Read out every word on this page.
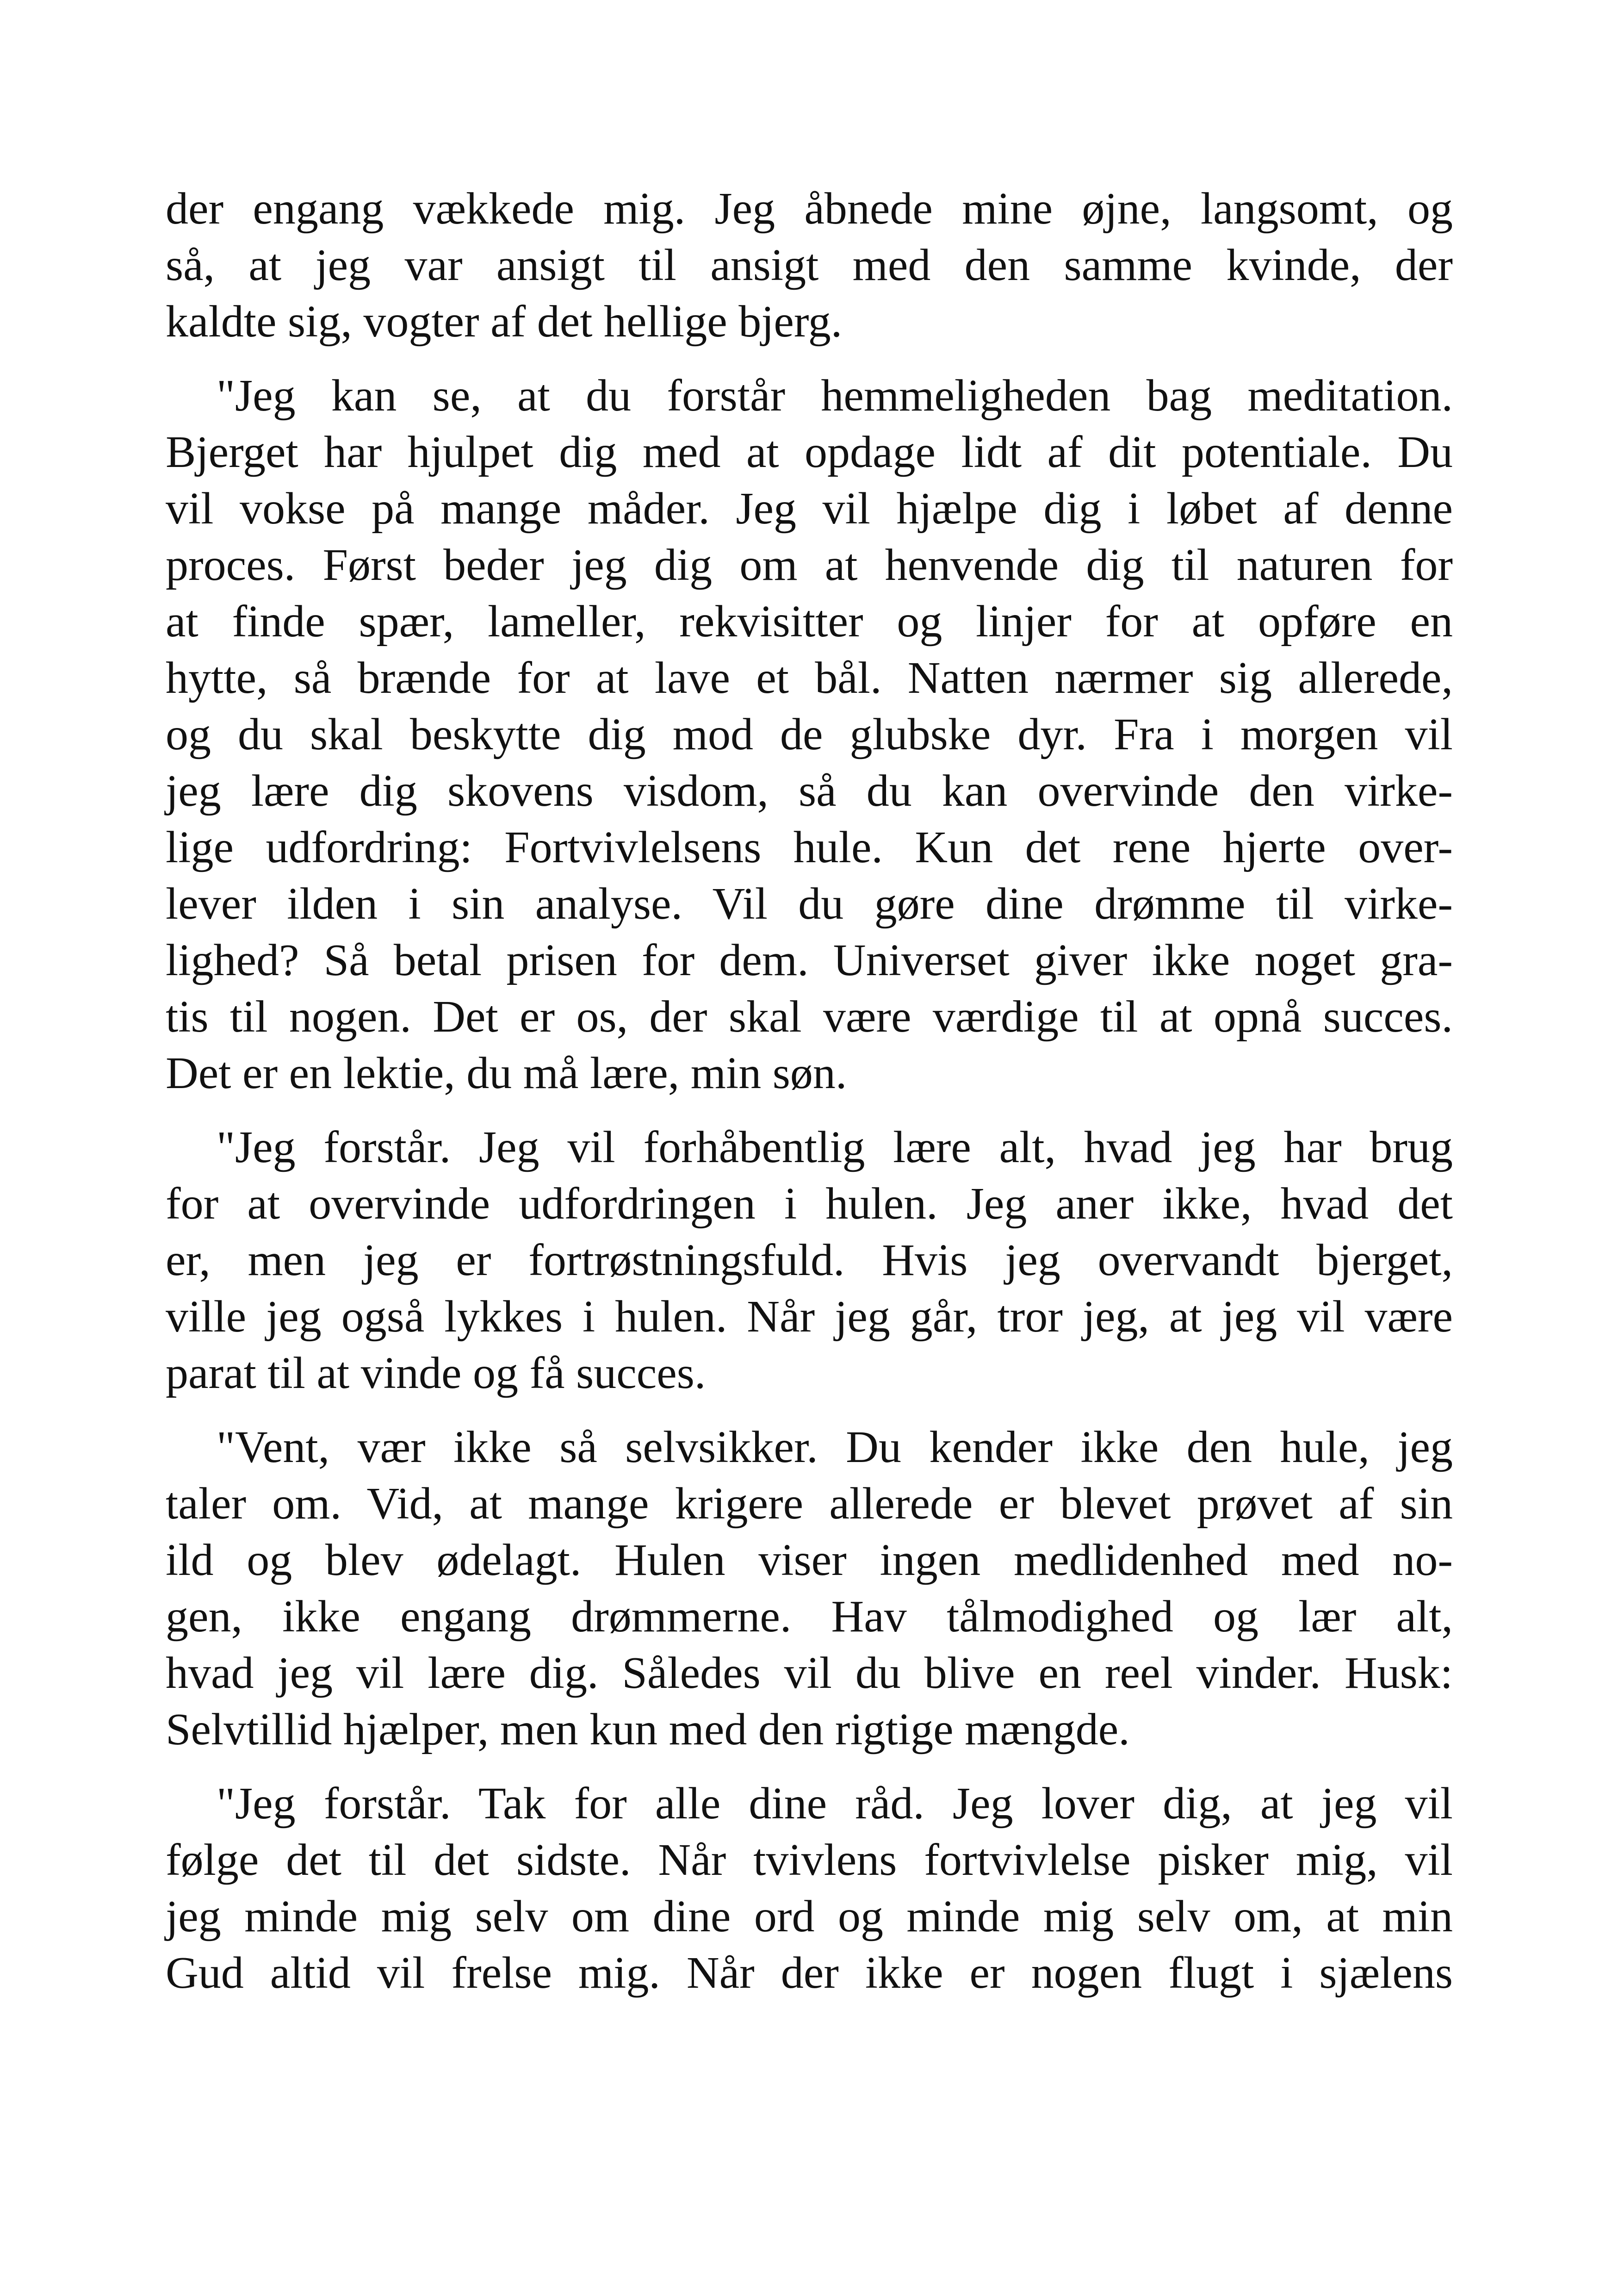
der engang vækkede mig. Jeg åbnede mine øjne, langsomt, og
så, at jeg var ansigt til ansigt med den samme kvinde, der
kaldte sig, vogter af det hellige bjerg.
"Jeg kan se, at du forstår hemmeligheden bag meditation.
Bjerget har hjulpet dig med at opdage lidt af dit potentiale. Du
vil vokse på mange måder. Jeg vil hjælpe dig i løbet af denne
proces. Først beder jeg dig om at henvende dig til naturen for
at finde spær, lameller, rekvisitter og linjer for at opføre en
hytte, så brænde for at lave et bål. Natten nærmer sig allerede,
og du skal beskytte dig mod de glubske dyr. Fra i morgen vil
jeg lære dig skovens visdom, så du kan overvinde den virke-
lige udfordring: Fortvivlelsens hule. Kun det rene hjerte over-
lever ilden i sin analyse. Vil du gøre dine drømme til virke-
lighed? Så betal prisen for dem. Universet giver ikke noget gra-
tis til nogen. Det er os, der skal være værdige til at opnå succes.
Det er en lektie, du må lære, min søn.
"Jeg forstår. Jeg vil forhåbentlig lære alt, hvad jeg har brug
for at overvinde udfordringen i hulen. Jeg aner ikke, hvad det
er, men jeg er fortrøstningsfuld. Hvis jeg overvandt bjerget,
ville jeg også lykkes i hulen. Når jeg går, tror jeg, at jeg vil være
parat til at vinde og få succes.
"Vent, vær ikke så selvsikker. Du kender ikke den hule, jeg
taler om. Vid, at mange krigere allerede er blevet prøvet af sin
ild og blev ødelagt. Hulen viser ingen medlidenhed med no-
gen, ikke engang drømmerne. Hav tålmodighed og lær alt,
hvad jeg vil lære dig. Således vil du blive en reel vinder. Husk:
Selvtillid hjælper, men kun med den rigtige mængde.
"Jeg forstår. Tak for alle dine råd. Jeg lover dig, at jeg vil
følge det til det sidste. Når tvivlens fortvivlelse pisker mig, vil
jeg minde mig selv om dine ord og minde mig selv om, at min
Gud altid vil frelse mig. Når der ikke er nogen flugt i sjælens
